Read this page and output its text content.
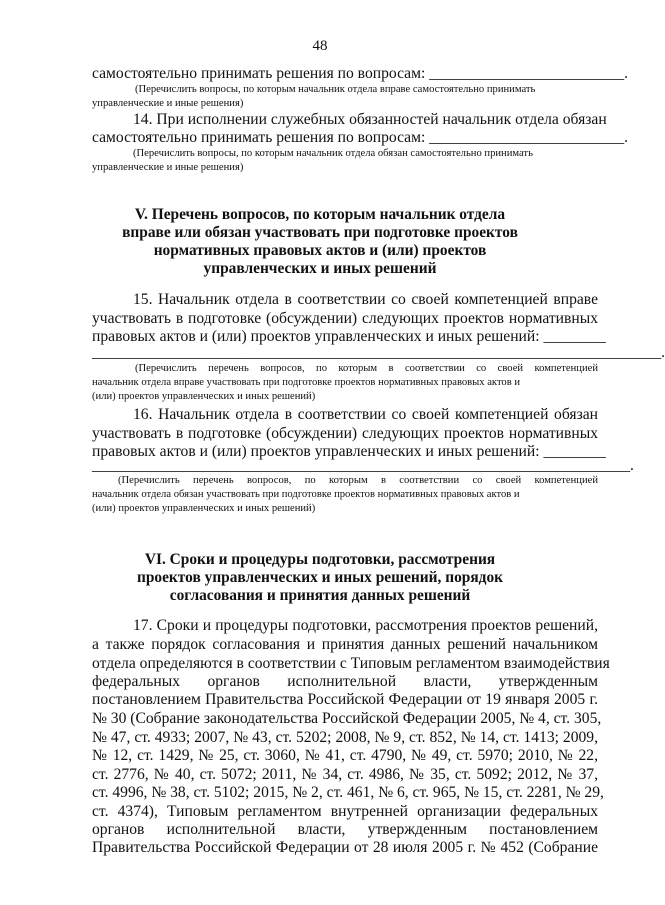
48
самостоятельно принимать решения по вопросам: _________________________.
(Перечислить вопросы, по которым начальник отдела вправе самостоятельно принимать
управленческие и иные решения)
14. При исполнении служебных обязанностей начальник отдела обязан
самостоятельно принимать решения по вопросам: _________________________.
(Перечислить вопросы, по которым начальник отдела обязан самостоятельно принимать
управленческие и иные решения)
V. Перечень вопросов, по которым начальник отдела
вправе или обязан участвовать при подготовке проектов
нормативных правовых актов и (или) проектов
управленческих и иных решений
15. Начальник отдела в соответствии со своей компетенцией вправе
участвовать в подготовке (обсуждении) следующих проектов нормативных
правовых актов и (или) проектов управленческих и иных решений: ________
_________________________________________________________________________.
(Перечислить перечень вопросов, по которым в соответствии со своей компетенцией
начальник отдела вправе участвовать при подготовке проектов нормативных правовых актов и
(или) проектов управленческих и иных решений)
16. Начальник отдела в соответствии со своей компетенцией обязан
участвовать в подготовке (обсуждении) следующих проектов нормативных
правовых актов и (или) проектов управленческих и иных решений: ________
_____________________________________________________________________.
(Перечислить перечень вопросов, по которым в соответствии со своей компетенцией
начальник отдела обязан участвовать при подготовке проектов нормативных правовых актов и
(или) проектов управленческих и иных решений)
VI. Сроки и процедуры подготовки, рассмотрения
проектов управленческих и иных решений, порядок
согласования и принятия данных решений
17. Сроки и процедуры подготовки, рассмотрения проектов решений,
а также порядок согласования и принятия данных решений начальником
отдела определяются в соответствии с Типовым регламентом взаимодействия
федеральных органов исполнительной власти, утвержденным
постановлением Правительства Российской Федерации от 19 января 2005 г.
№ 30 (Собрание законодательства Российской Федерации 2005, № 4, ст. 305,
№ 47, ст. 4933; 2007, № 43, ст. 5202; 2008, № 9, ст. 852, № 14, ст. 1413; 2009,
№ 12, ст. 1429, № 25, ст. 3060, № 41, ст. 4790, № 49, ст. 5970; 2010, № 22,
ст. 2776, № 40, ст. 5072; 2011, № 34, ст. 4986, № 35, ст. 5092; 2012, № 37,
ст. 4996, № 38, ст. 5102; 2015, № 2, ст. 461, № 6, ст. 965, № 15, ст. 2281, № 29,
ст. 4374), Типовым регламентом внутренней организации федеральных
органов исполнительной власти, утвержденным постановлением
Правительства Российской Федерации от 28 июля 2005 г. № 452 (Собрание
